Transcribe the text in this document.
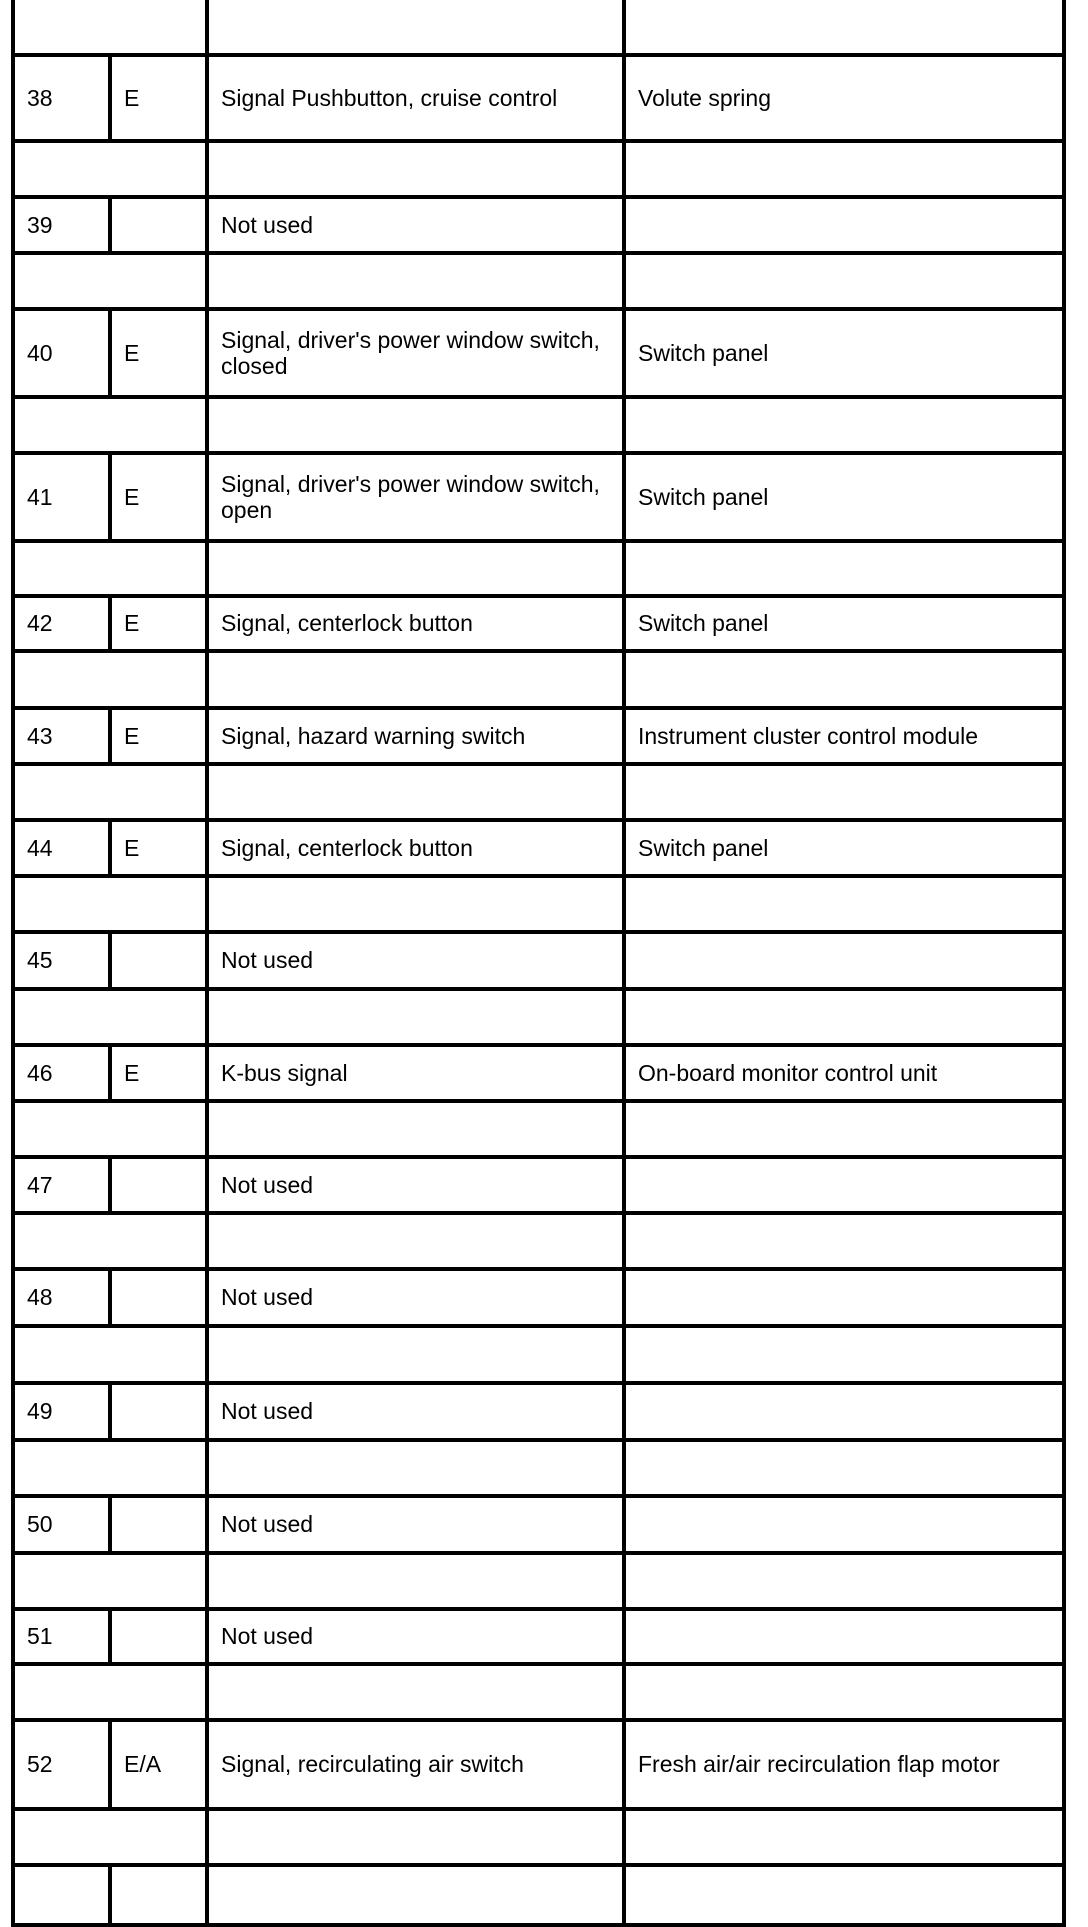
38	E	Signal Pushbutton, cruise control	Volute spring

39		Not used	

40	E	Signal, driver's power window switch, closed	Switch panel

41	E	Signal, driver's power window switch, open	Switch panel

42	E	Signal, centerlock button	Switch panel

43	E	Signal, hazard warning switch	Instrument cluster control module

44	E	Signal, centerlock button	Switch panel

45		Not used	

46	E	K-bus signal	On-board monitor control unit

47		Not used	

48		Not used	

49		Not used	

50		Not used	

51		Not used	

52	E/A	Signal, recirculating air switch	Fresh air/air recirculation flap motor
